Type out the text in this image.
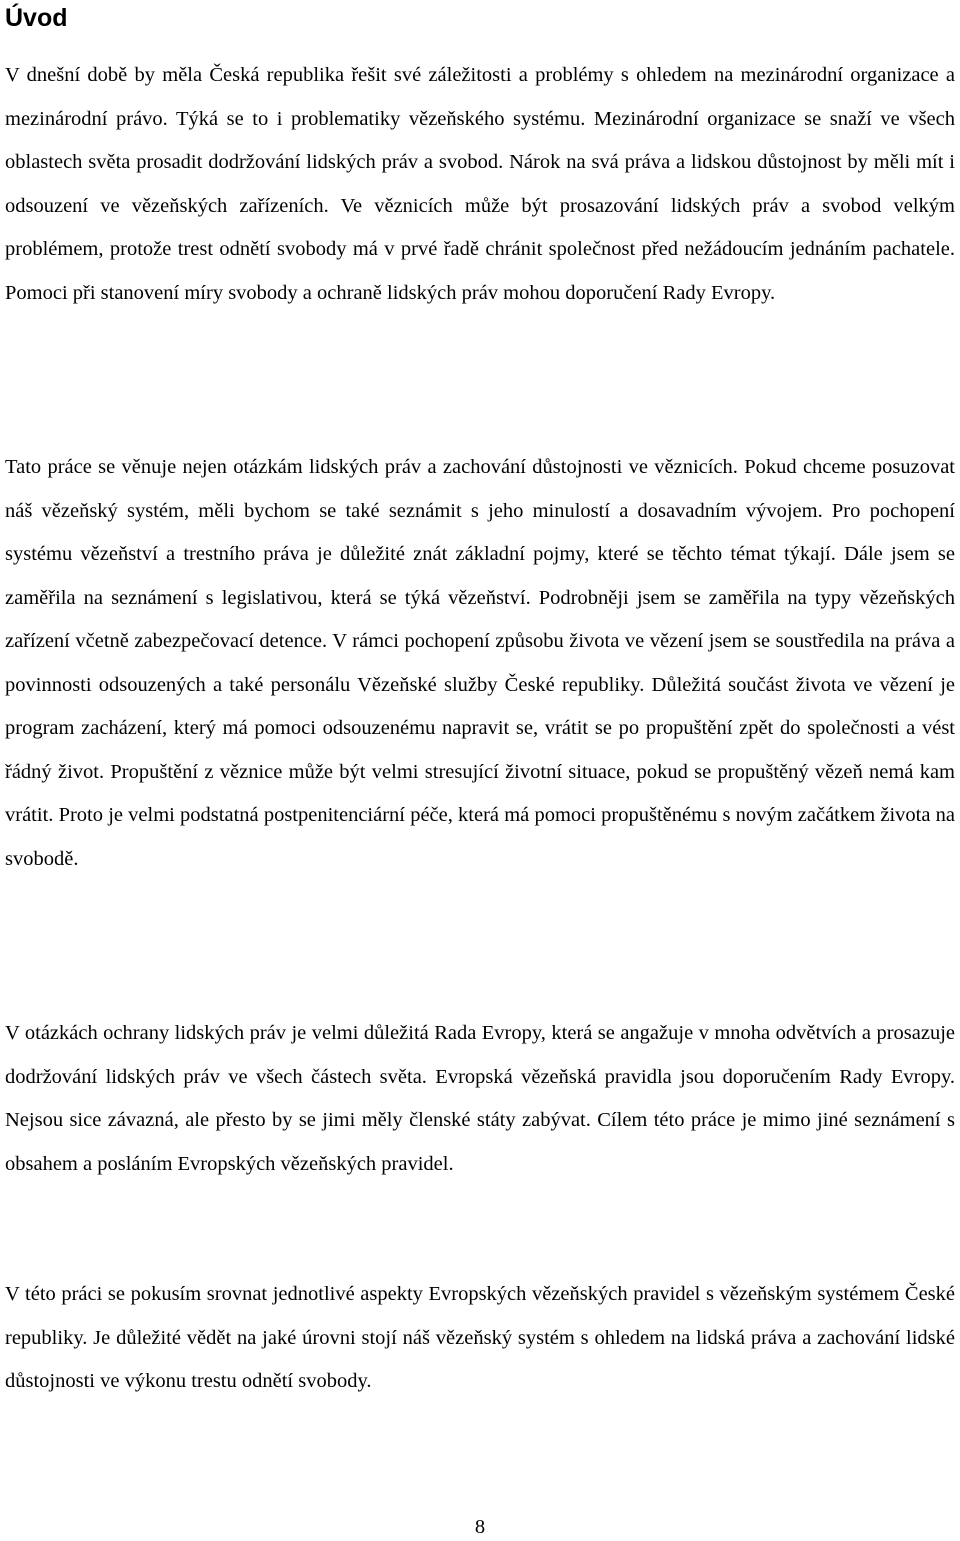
Úvod

V dnešní době by měla Česká republika řešit své záležitosti a problémy s ohledem na mezinárodní organizace a mezinárodní právo. Týká se to i problematiky vězeňského systému. Mezinárodní organizace se snaží ve všech oblastech světa prosadit dodržování lidských práv a svobod. Nárok na svá práva a lidskou důstojnost by měli mít i odsouzení ve vězeňských zařízeních. Ve věznicích může být prosazování lidských práv a svobod velkým problémem, protože trest odnětí svobody má v prvé řadě chránit společnost před nežádoucím jednáním pachatele. Pomoci při stanovení míry svobody a ochraně lidských práv mohou doporučení Rady Evropy.

Tato práce se věnuje nejen otázkám lidských práv a zachování důstojnosti ve věznicích. Pokud chceme posuzovat náš vězeňský systém, měli bychom se také seznámit s jeho minulostí a dosavadním vývojem. Pro pochopení systému vězeňství a trestního práva je důležité znát základní pojmy, které se těchto témat týkají. Dále jsem se zaměřila na seznámení s legislativou, která se týká vězeňství. Podrobněji jsem se zaměřila na typy vězeňských zařízení včetně zabezpečovací detence. V rámci pochopení způsobu života ve vězení jsem se soustředila na práva a povinnosti odsouzených a také personálu Vězeňské služby České republiky. Důležitá součást života ve vězení je program zacházení, který má pomoci odsouzenému napravit se, vrátit se po propuštění zpět do společnosti a vést řádný život. Propuštění z věznice může být velmi stresující životní situace, pokud se propuštěný vězeň nemá kam vrátit. Proto je velmi podstatná postpenitenciární péče, která má pomoci propuštěnému s novým začátkem života na svobodě.

V otázkách ochrany lidských práv je velmi důležitá Rada Evropy, která se angažuje v mnoha odvětvích a prosazuje dodržování lidských práv ve všech částech světa. Evropská vězeňská pravidla jsou doporučením Rady Evropy. Nejsou sice závazná, ale přesto by se jimi měly členské státy zabývat. Cílem této práce je mimo jiné seznámení s obsahem a posláním Evropských vězeňských pravidel.

V této práci se pokusím srovnat jednotlivé aspekty Evropských vězeňských pravidel s vězeňským systémem České republiky. Je důležité vědět na jaké úrovni stojí náš vězeňský systém s ohledem na lidská práva a zachování lidské důstojnosti ve výkonu trestu odnětí svobody.

8
